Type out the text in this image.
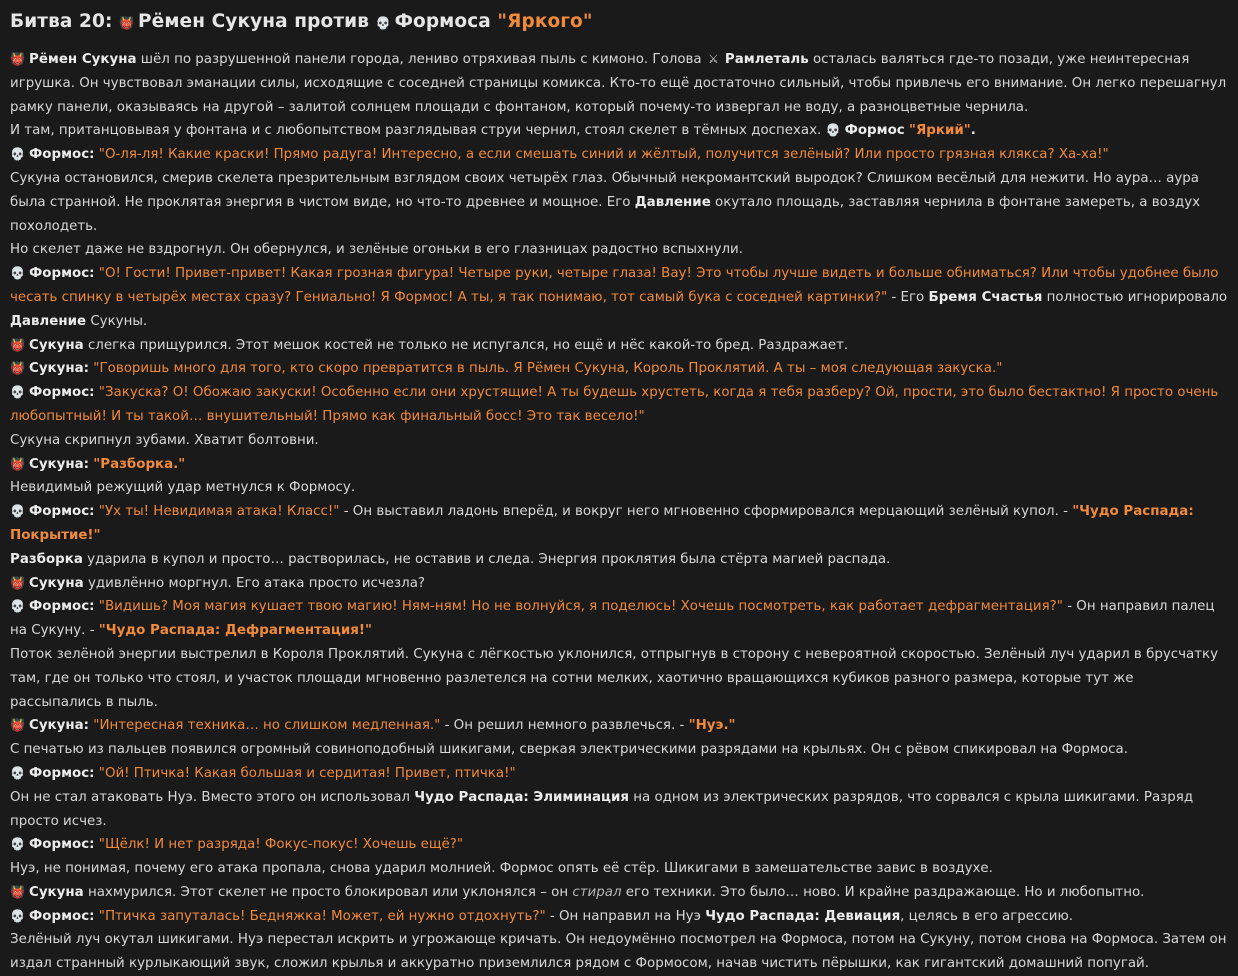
Битва 20: 👹 Рёмен Сукуна против 💀 Формоса "Яркого"

👹 Рёмен Сукуна шёл по разрушенной панели города, лениво отряхивая пыль с кимоно. Голова ⚔ Рамлеталь осталась валяться где-то позади, уже неинтересная игрушка. Он чувствовал эманации силы, исходящие с соседней страницы комикса. Кто-то ещё достаточно сильный, чтобы привлечь его внимание. Он легко перешагнул рамку панели, оказываясь на другой – залитой солнцем площади с фонтаном, который почему-то извергал не воду, а разноцветные чернила.

И там, пританцовывая у фонтана и с любопытством разглядывая струи чернил, стоял скелет в тёмных доспехах. 💀 Формос "Яркий".

💀 Формос: "О-ля-ля! Какие краски! Прямо радуга! Интересно, а если смешать синий и жёлтый, получится зелёный? Или просто грязная клякса? Ха-ха!"

Сукуна остановился, смерив скелета презрительным взглядом своих четырёх глаз. Обычный некромантский выродок? Слишком весёлый для нежити. Но аура… аура была странной. Не проклятая энергия в чистом виде, но что-то древнее и мощное. Его Давление окутало площадь, заставляя чернила в фонтане замереть, а воздух похолодеть.

Но скелет даже не вздрогнул. Он обернулся, и зелёные огоньки в его глазницах радостно вспыхнули.

💀 Формос: "О! Гости! Привет-привет! Какая грозная фигура! Четыре руки, четыре глаза! Вау! Это чтобы лучше видеть и больше обниматься? Или чтобы удобнее было чесать спинку в четырёх местах сразу? Гениально! Я Формос! А ты, я так понимаю, тот самый бука с соседней картинки?" - Его Бремя Счастья полностью игнорировало Давление Сукуны.

👹 Сукуна слегка прищурился. Этот мешок костей не только не испугался, но ещё и нёс какой-то бред. Раздражает.

👹 Сукуна: "Говоришь много для того, кто скоро превратится в пыль. Я Рёмен Сукуна, Король Проклятий. А ты – моя следующая закуска."

💀 Формос: "Закуска? О! Обожаю закуски! Особенно если они хрустящие! А ты будешь хрустеть, когда я тебя разберу? Ой, прости, это было бестактно! Я просто очень любопытный! И ты такой… внушительный! Прямо как финальный босс! Это так весело!"

Сукуна скрипнул зубами. Хватит болтовни.

👹 Сукуна: "Разборка."

Невидимый режущий удар метнулся к Формосу.

💀 Формос: "Ух ты! Невидимая атака! Класс!" - Он выставил ладонь вперёд, и вокруг него мгновенно сформировался мерцающий зелёный купол. - "Чудо Распада: Покрытие!"

Разборка ударила в купол и просто… растворилась, не оставив и следа. Энергия проклятия была стёрта магией распада.

👹 Сукуна удивлённо моргнул. Его атака просто исчезла?

💀 Формос: "Видишь? Моя магия кушает твою магию! Ням-ням! Но не волнуйся, я поделюсь! Хочешь посмотреть, как работает дефрагментация?" - Он направил палец на Сукуну. - "Чудо Распада: Дефрагментация!"

Поток зелёной энергии выстрелил в Короля Проклятий. Сукуна с лёгкостью уклонился, отпрыгнув в сторону с невероятной скоростью. Зелёный луч ударил в брусчатку там, где он только что стоял, и участок площади мгновенно разлетелся на сотни мелких, хаотично вращающихся кубиков разного размера, которые тут же рассыпались в пыль.

👹 Сукуна: "Интересная техника… но слишком медленная." - Он решил немного развлечься. - "Нуэ."

С печатью из пальцев появился огромный совиноподобный шикигами, сверкая электрическими разрядами на крыльях. Он с рёвом спикировал на Формоса.

💀 Формос: "Ой! Птичка! Какая большая и сердитая! Привет, птичка!"

Он не стал атаковать Нуэ. Вместо этого он использовал Чудо Распада: Элиминация на одном из электрических разрядов, что сорвался с крыла шикигами. Разряд просто исчез.

💀 Формос: "Щёлк! И нет разряда! Фокус-покус! Хочешь ещё?"

Нуэ, не понимая, почему его атака пропала, снова ударил молнией. Формос опять её стёр. Шикигами в замешательстве завис в воздухе.

👹 Сукуна нахмурился. Этот скелет не просто блокировал или уклонялся – он стирал его техники. Это было… ново. И крайне раздражающе. Но и любопытно.

💀 Формос: "Птичка запуталась! Бедняжка! Может, ей нужно отдохнуть?" - Он направил на Нуэ Чудо Распада: Девиация, целясь в его агрессию.

Зелёный луч окутал шикигами. Нуэ перестал искрить и угрожающе кричать. Он недоумённо посмотрел на Формоса, потом на Сукуну, потом снова на Формоса. Затем он издал странный курлыкающий звук, сложил крылья и аккуратно приземлился рядом с Формосом, начав чистить пёрышки, как гигантский домашний попугай.
